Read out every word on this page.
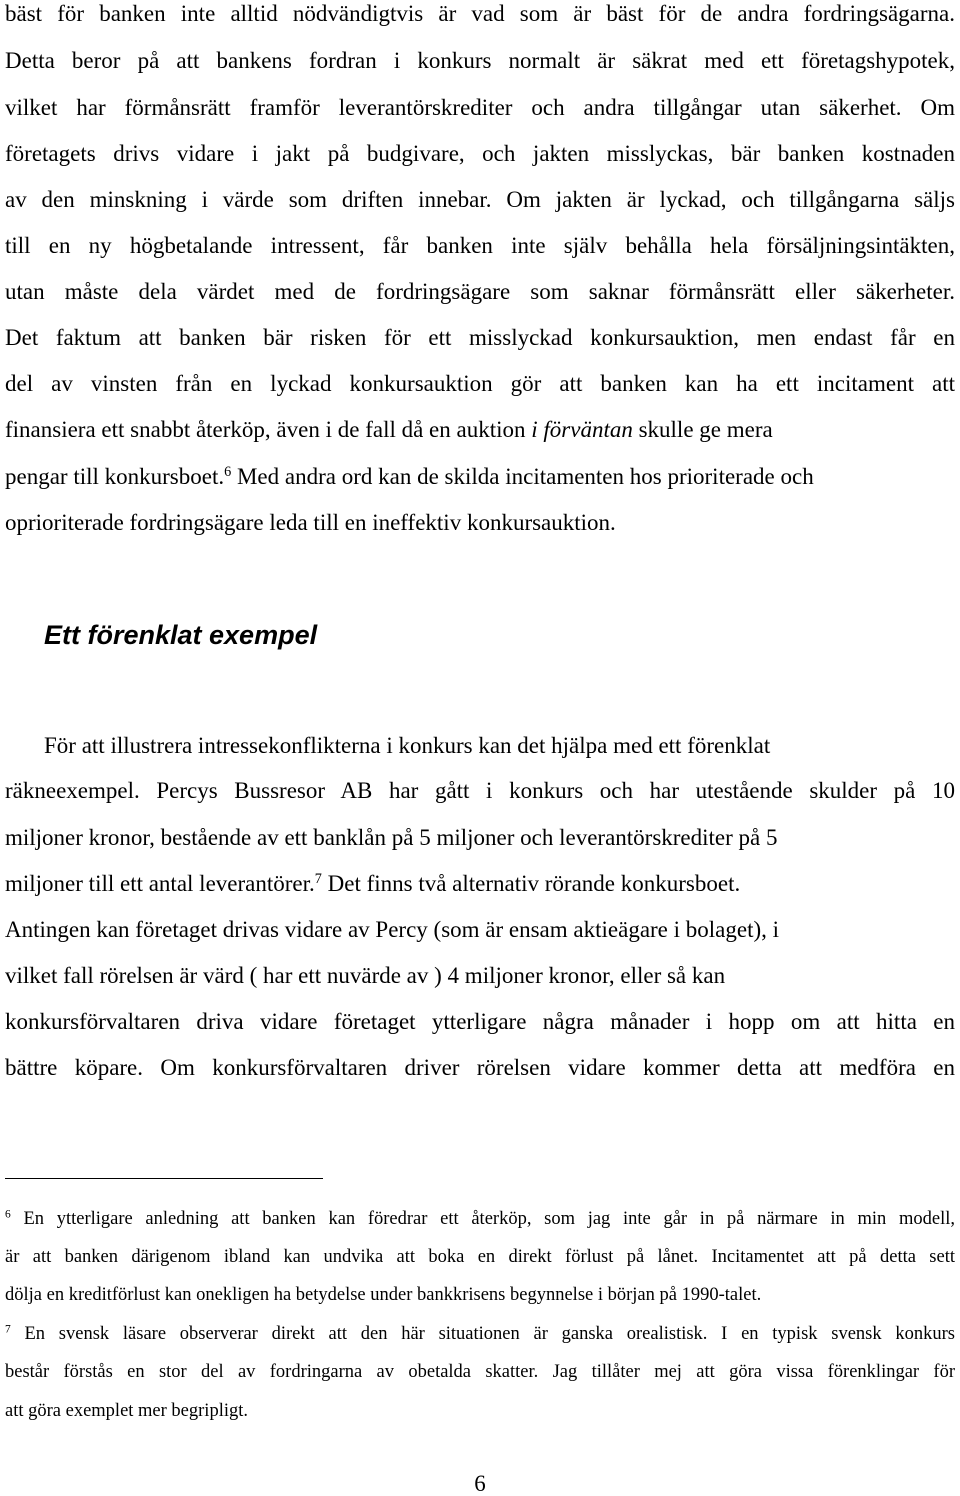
bäst för banken inte alltid nödvändigtvis är vad som är bäst för de andra fordringsägarna.
Detta beror på att bankens fordran i konkurs normalt är säkrat med ett företagshypotek,
vilket har förmånsrätt framför leverantörskrediter och andra tillgångar utan säkerhet. Om
företagets drivs vidare i jakt på budgivare, och jakten misslyckas, bär banken kostnaden
av den minskning i värde som driften innebar. Om jakten är lyckad, och tillgångarna säljs
till en ny högbetalande intressent, får banken inte själv behålla hela försäljningsintäkten,
utan måste dela värdet med de fordringsägare som saknar förmånsrätt eller säkerheter.
Det faktum att banken bär risken för ett misslyckad konkursauktion, men endast får en
del av vinsten från en lyckad konkursauktion gör att banken kan ha ett incitament att
finansiera ett snabbt återköp, även i de fall då en auktion i förväntan skulle ge mera
pengar till konkursboet.$^6$ Med andra ord kan de skilda incitamenten hos prioriterade och
oprioriterade fordringsägare leda till en ineffektiv konkursauktion.
Ett förenklat exempel
För att illustrera intressekonflikterna i konkurs kan det hjälpa med ett förenklat
räkneexempel. Percys Bussresor AB har gått i konkurs och har utestående skulder på 10
miljoner kronor, bestående av ett banklån på 5 miljoner och leverantörskrediter på 5
miljoner till ett antal leverantörer.$^7$ Det finns två alternativ rörande konkursboet.
Antingen kan företaget drivas vidare av Percy (som är ensam aktieägare i bolaget), i
vilket fall rörelsen är värd ( har ett nuvärde av ) 4 miljoner kronor, eller så kan
konkursförvaltaren driva vidare företaget ytterligare några månader i hopp om att hitta en
bättre köpare. Om konkursförvaltaren driver rörelsen vidare kommer detta att medföra en
$^6$ En ytterligare anledning att banken kan föredrar ett återköp, som jag inte går in på närmare in min modell,
är att banken därigenom ibland kan undvika att boka en direkt förlust på lånet. Incitamentet att på detta sett
dölja en kreditförlust kan onekligen ha betydelse under bankkrisens begynnelse i början på 1990-talet.
$^7$ En svensk läsare observerar direkt att den här situationen är ganska orealistisk. I en typisk svensk konkurs
består förstås en stor del av fordringarna av obetalda skatter. Jag tillåter mej att göra vissa förenklingar för
att göra exemplet mer begripligt.
6
